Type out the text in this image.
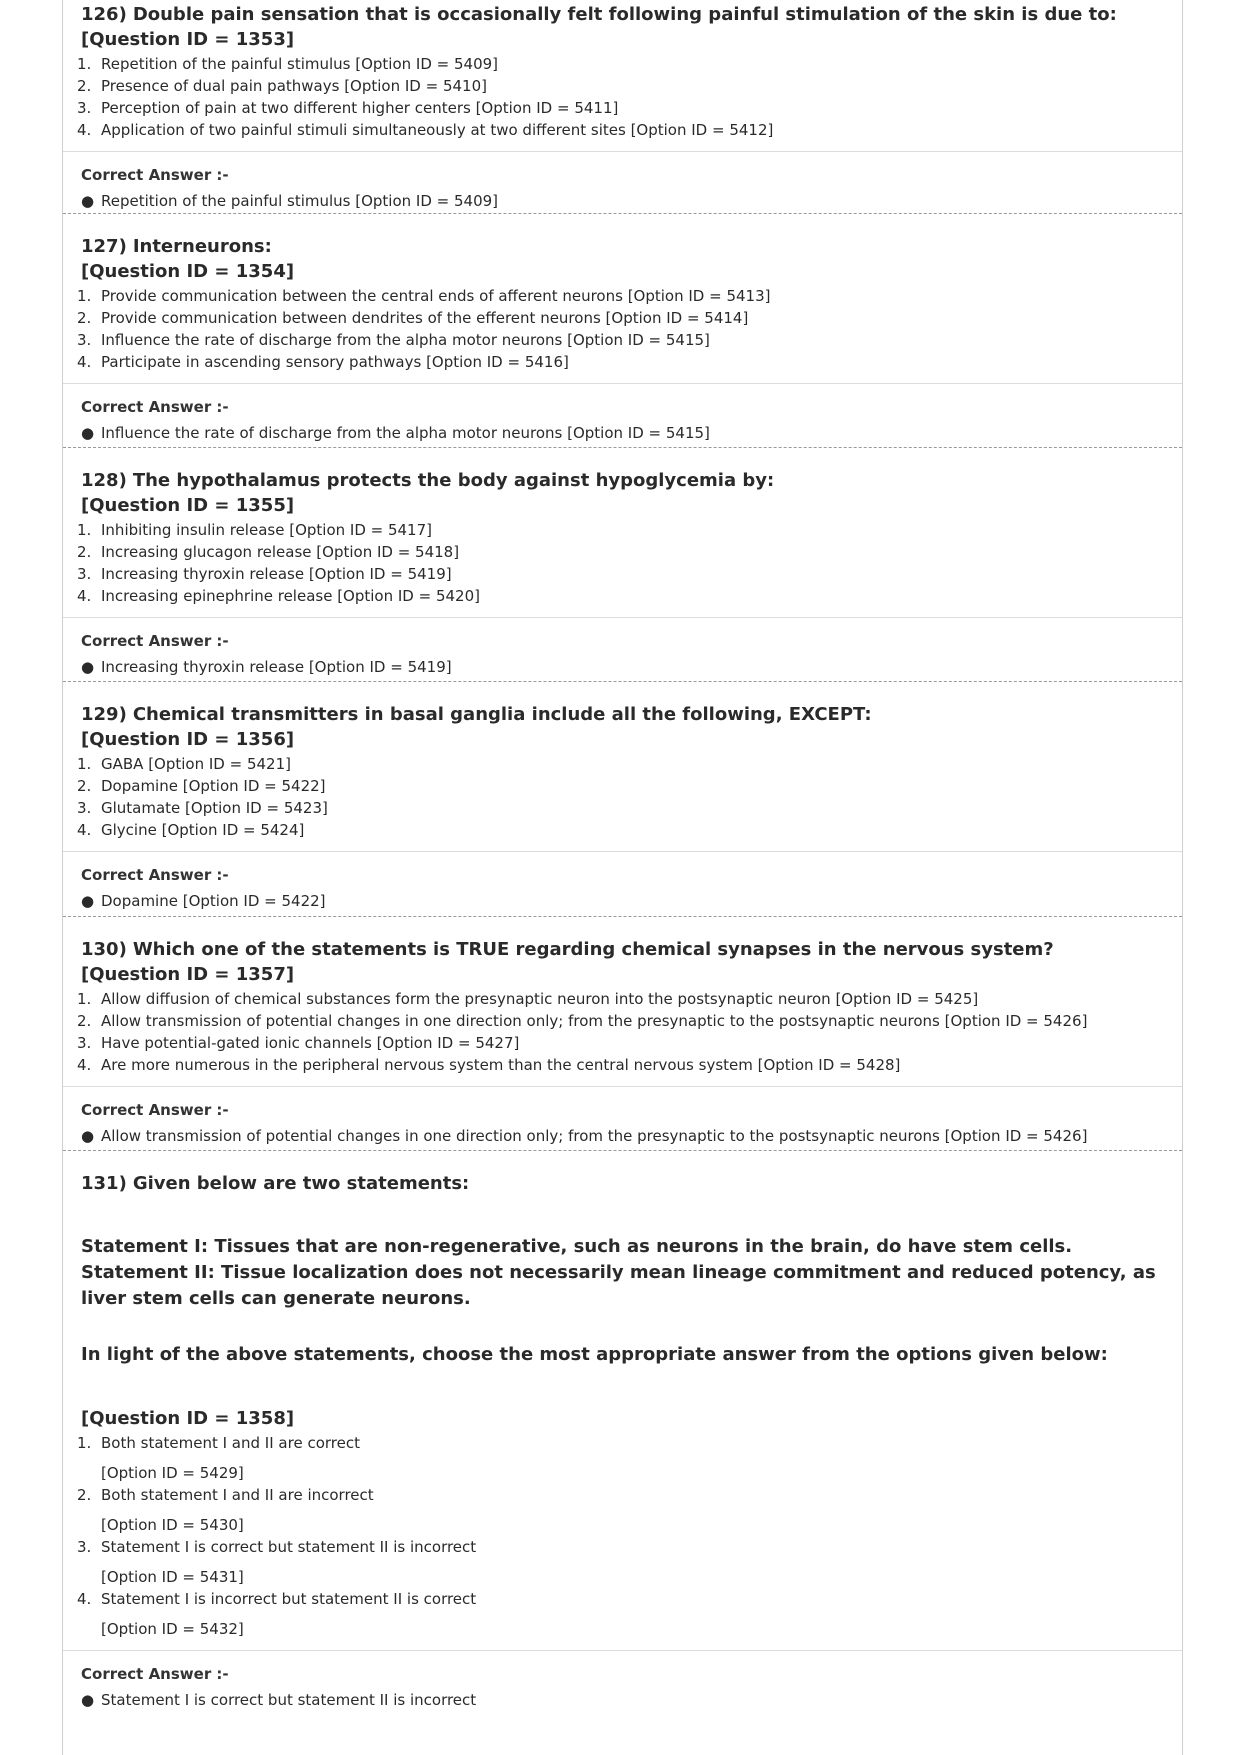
126) Double pain sensation that is occasionally felt following painful stimulation of the skin is due to:
[Question ID = 1353]
1. Repetition of the painful stimulus [Option ID = 5409]
2. Presence of dual pain pathways [Option ID = 5410]
3. Perception of pain at two different higher centers [Option ID = 5411]
4. Application of two painful stimuli simultaneously at two different sites [Option ID = 5412]
Correct Answer :-
● Repetition of the painful stimulus [Option ID = 5409]
127) Interneurons:
[Question ID = 1354]
1. Provide communication between the central ends of afferent neurons [Option ID = 5413]
2. Provide communication between dendrites of the efferent neurons [Option ID = 5414]
3. Influence the rate of discharge from the alpha motor neurons [Option ID = 5415]
4. Participate in ascending sensory pathways [Option ID = 5416]
Correct Answer :-
● Influence the rate of discharge from the alpha motor neurons [Option ID = 5415]
128) The hypothalamus protects the body against hypoglycemia by:
[Question ID = 1355]
1. Inhibiting insulin release [Option ID = 5417]
2. Increasing glucagon release [Option ID = 5418]
3. Increasing thyroxin release [Option ID = 5419]
4. Increasing epinephrine release [Option ID = 5420]
Correct Answer :-
● Increasing thyroxin release [Option ID = 5419]
129) Chemical transmitters in basal ganglia include all the following, EXCEPT:
[Question ID = 1356]
1. GABA [Option ID = 5421]
2. Dopamine [Option ID = 5422]
3. Glutamate [Option ID = 5423]
4. Glycine [Option ID = 5424]
Correct Answer :-
● Dopamine [Option ID = 5422]
130) Which one of the statements is TRUE regarding chemical synapses in the nervous system?
[Question ID = 1357]
1. Allow diffusion of chemical substances form the presynaptic neuron into the postsynaptic neuron [Option ID = 5425]
2. Allow transmission of potential changes in one direction only; from the presynaptic to the postsynaptic neurons [Option ID = 5426]
3. Have potential-gated ionic channels [Option ID = 5427]
4. Are more numerous in the peripheral nervous system than the central nervous system [Option ID = 5428]
Correct Answer :-
● Allow transmission of potential changes in one direction only; from the presynaptic to the postsynaptic neurons [Option ID = 5426]
131) Given below are two statements:
Statement I: Tissues that are non-regenerative, such as neurons in the brain, do have stem cells.
Statement II: Tissue localization does not necessarily mean lineage commitment and reduced potency, as liver stem cells can generate neurons.
In light of the above statements, choose the most appropriate answer from the options given below:
[Question ID = 1358]
1. Both statement I and II are correct
[Option ID = 5429]
2. Both statement I and II are incorrect
[Option ID = 5430]
3. Statement I is correct but statement II is incorrect
[Option ID = 5431]
4. Statement I is incorrect but statement II is correct
[Option ID = 5432]
Correct Answer :-
● Statement I is correct but statement II is incorrect
